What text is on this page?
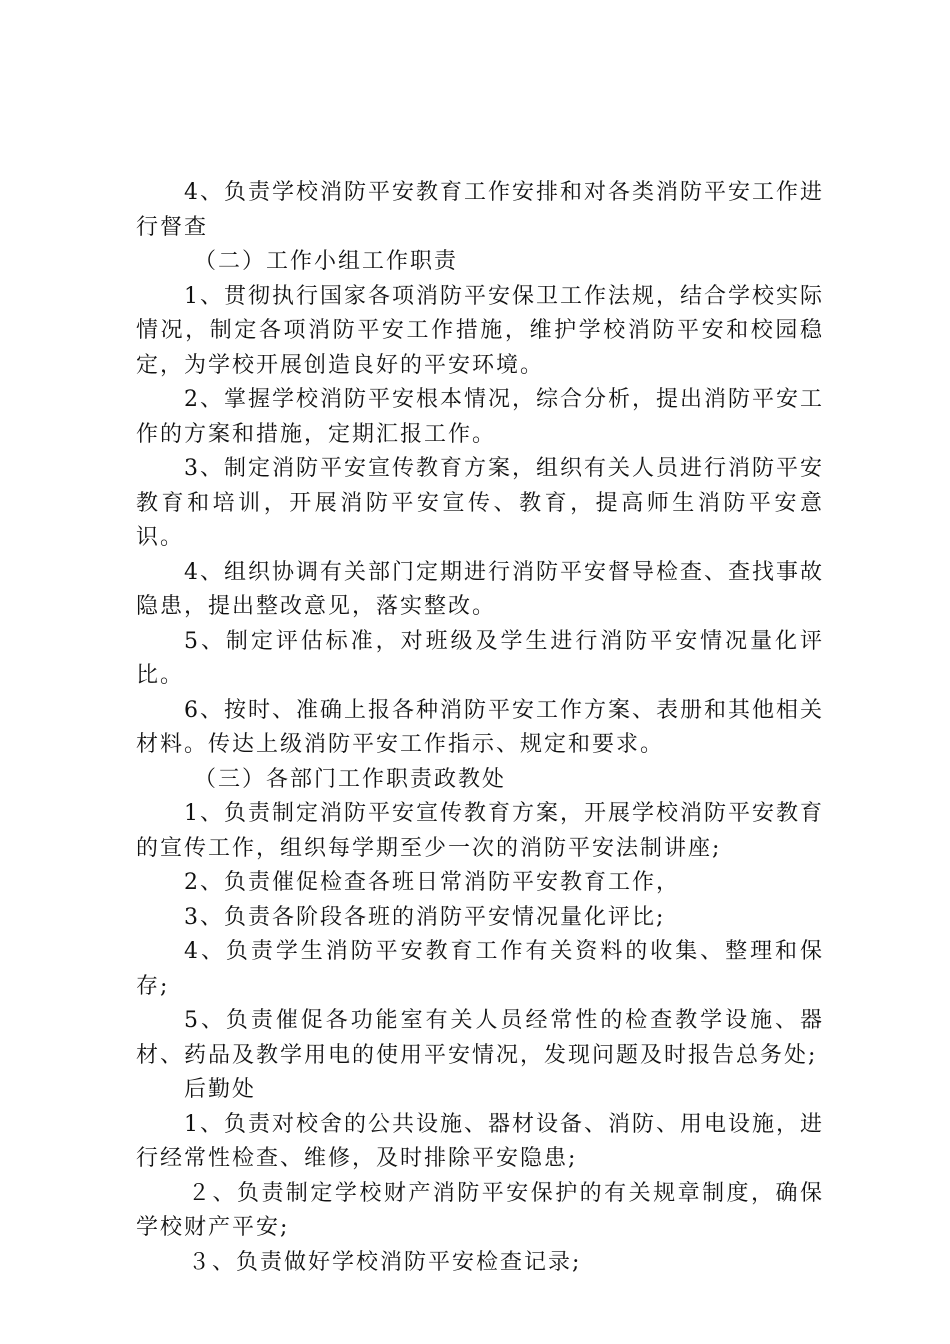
4、负责学校消防平安教育工作安排和对各类消防平安工作进行督查

（二）工作小组工作职责

1、贯彻执行国家各项消防平安保卫工作法规，结合学校实际情况，制定各项消防平安工作措施，维护学校消防平安和校园稳定，为学校开展创造良好的平安环境。

2、掌握学校消防平安根本情况，综合分析，提出消防平安工作的方案和措施，定期汇报工作。

3、制定消防平安宣传教育方案，组织有关人员进行消防平安教育和培训，开展消防平安宣传、教育，提高师生消防平安意识。

4、组织协调有关部门定期进行消防平安督导检查、查找事故隐患，提出整改意见，落实整改。

5、制定评估标准，对班级及学生进行消防平安情况量化评比。

6、按时、准确上报各种消防平安工作方案、表册和其他相关材料。传达上级消防平安工作指示、规定和要求。

（三）各部门工作职责政教处

1、负责制定消防平安宣传教育方案，开展学校消防平安教育的宣传工作，组织每学期至少一次的消防平安法制讲座;

2、负责催促检查各班日常消防平安教育工作，

3、负责各阶段各班的消防平安情况量化评比;

4、负责学生消防平安教育工作有关资料的收集、整理和保存;

5、负责催促各功能室有关人员经常性的检查教学设施、器材、药品及教学用电的使用平安情况，发现问题及时报告总务处;

后勤处

1、负责对校舍的公共设施、器材设备、消防、用电设施，进行经常性检查、维修，及时排除平安隐患;

２、负责制定学校财产消防平安保护的有关规章制度，确保学校财产平安;

３、负责做好学校消防平安检查记录;
